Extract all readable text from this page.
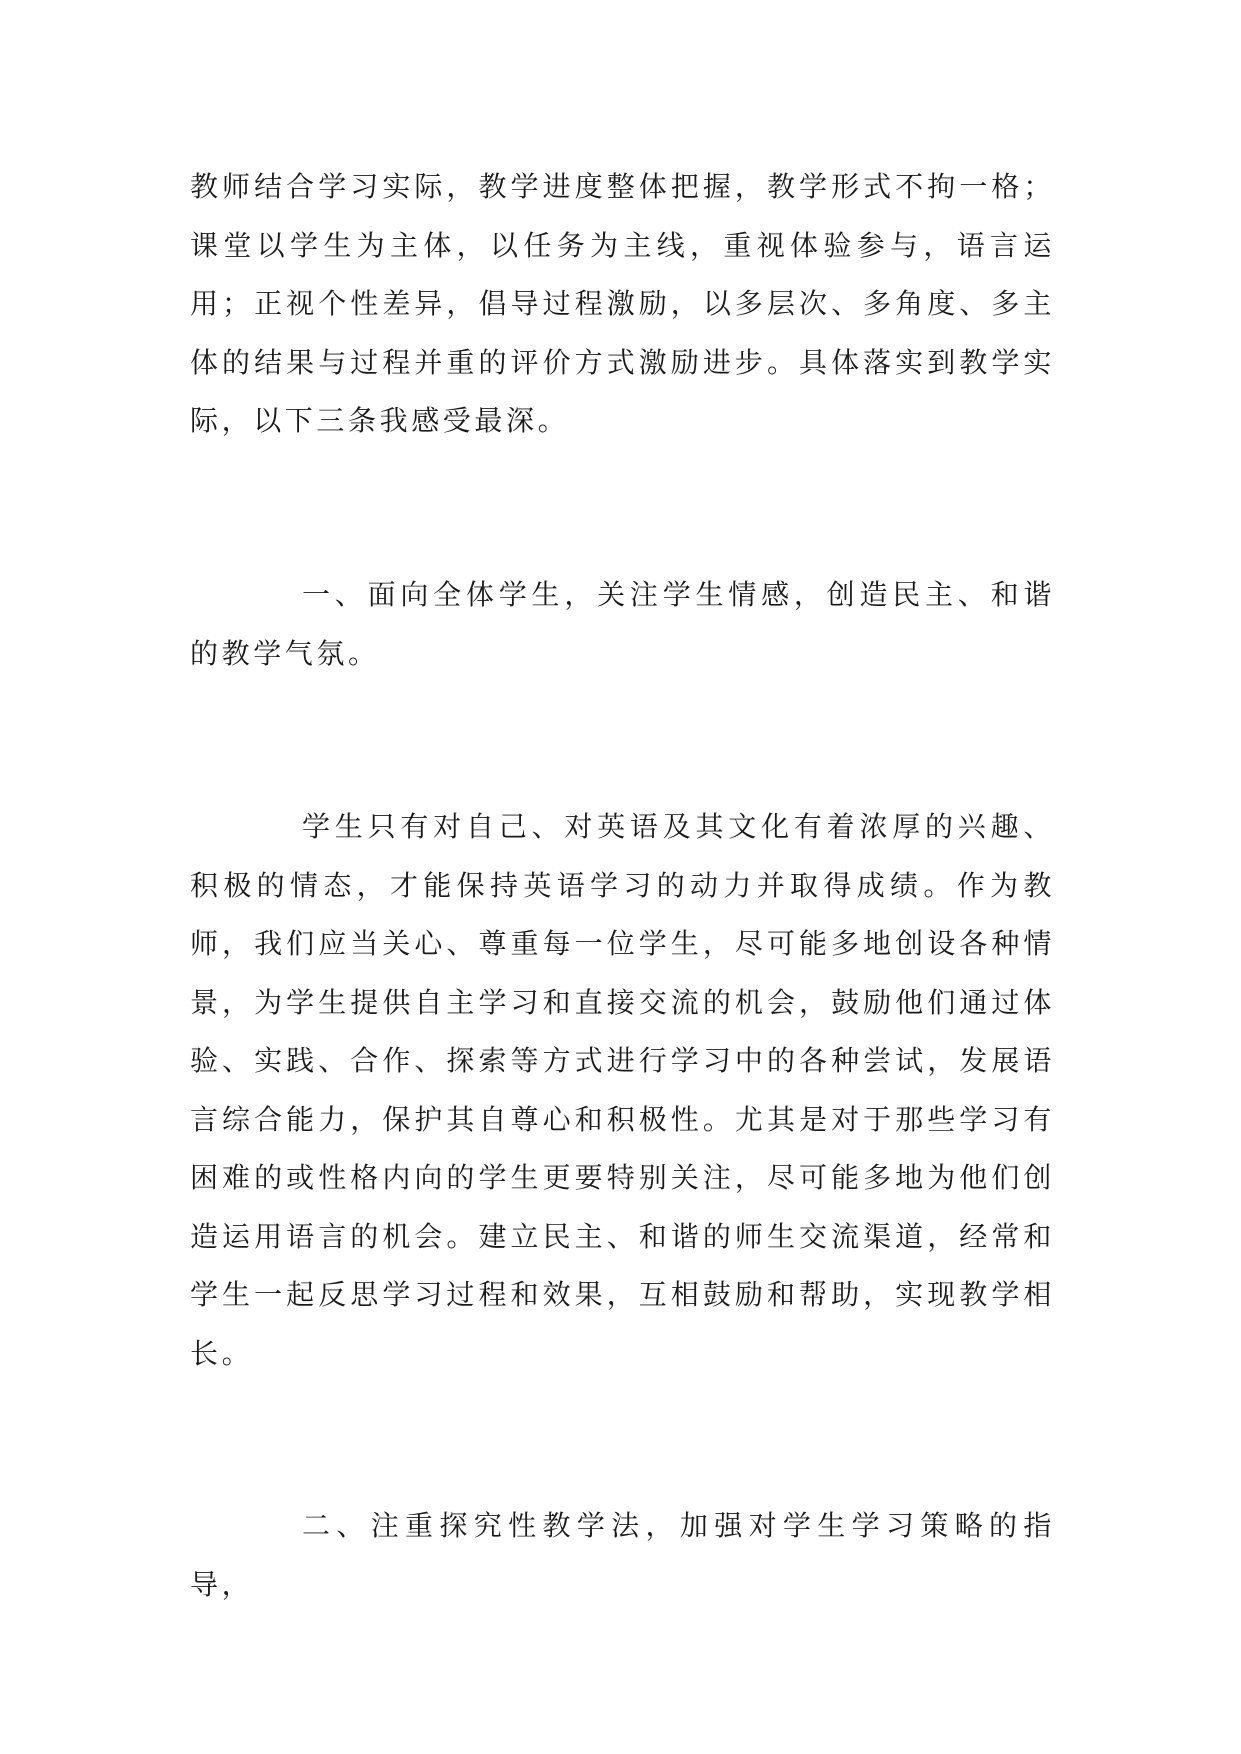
教师结合学习实际，教学进度整体把握，教学形式不拘一格；课堂以学生为主体，以任务为主线，重视体验参与，语言运用；正视个性差异，倡导过程激励，以多层次、多角度、多主体的结果与过程并重的评价方式激励进步。具体落实到教学实际，以下三条我感受最深。

一、面向全体学生，关注学生情感，创造民主、和谐的教学气氛。

学生只有对自己、对英语及其文化有着浓厚的兴趣、积极的情态，才能保持英语学习的动力并取得成绩。作为教师，我们应当关心、尊重每一位学生，尽可能多地创设各种情景，为学生提供自主学习和直接交流的机会，鼓励他们通过体验、实践、合作、探索等方式进行学习中的各种尝试，发展语言综合能力，保护其自尊心和积极性。尤其是对于那些学习有困难的或性格内向的学生更要特别关注，尽可能多地为他们创造运用语言的机会。建立民主、和谐的师生交流渠道，经常和学生一起反思学习过程和效果，互相鼓励和帮助，实现教学相长。

二、注重探究性教学法，加强对学生学习策略的指导，
